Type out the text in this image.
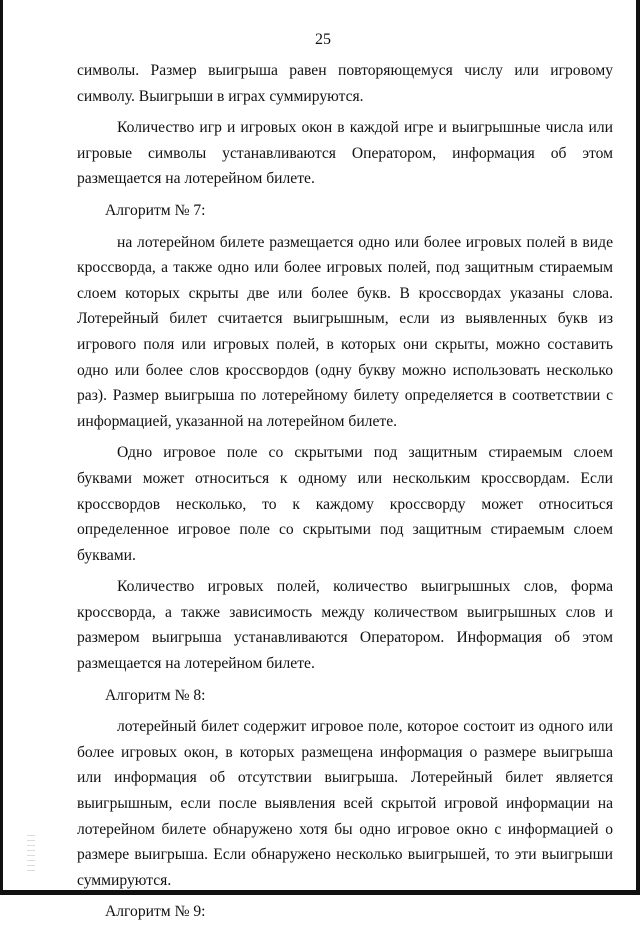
25

символы. Размер выигрыша равен повторяющемуся числу или игровому символу. Выигрыши в играх суммируются.

Количество игр и игровых окон в каждой игре и выигрышные числа или игровые символы устанавливаются Оператором, информация об этом размещается на лотерейном билете.

Алгоритм № 7:

на лотерейном билете размещается одно или более игровых полей в виде кроссворда, а также одно или более игровых полей, под защитным стираемым слоем которых скрыты две или более букв. В кроссвордах указаны слова. Лотерейный билет считается выигрышным, если из выявленных букв из игрового поля или игровых полей, в которых они скрыты, можно составить одно или более слов кроссвордов (одну букву можно использовать несколько раз). Размер выигрыша по лотерейному билету определяется в соответствии с информацией, указанной на лотерейном билете.

Одно игровое поле со скрытыми под защитным стираемым слоем буквами может относиться к одному или нескольким кроссвордам. Если кроссвордов несколько, то к каждому кроссворду может относиться определенное игровое поле со скрытыми под защитным стираемым слоем буквами.

Количество игровых полей, количество выигрышных слов, форма кроссворда, а также зависимость между количеством выигрышных слов и размером выигрыша устанавливаются Оператором. Информация об этом размещается на лотерейном билете.

Алгоритм № 8:

лотерейный билет содержит игровое поле, которое состоит из одного или более игровых окон, в которых размещена информация о размере выигрыша или информация об отсутствии выигрыша. Лотерейный билет является выигрышным, если после выявления всей скрытой игровой информации на лотерейном билете обнаружено хотя бы одно игровое окно с информацией о размере выигрыша. Если обнаружено несколько выигрышей, то эти выигрыши суммируются.

Алгоритм № 9:
